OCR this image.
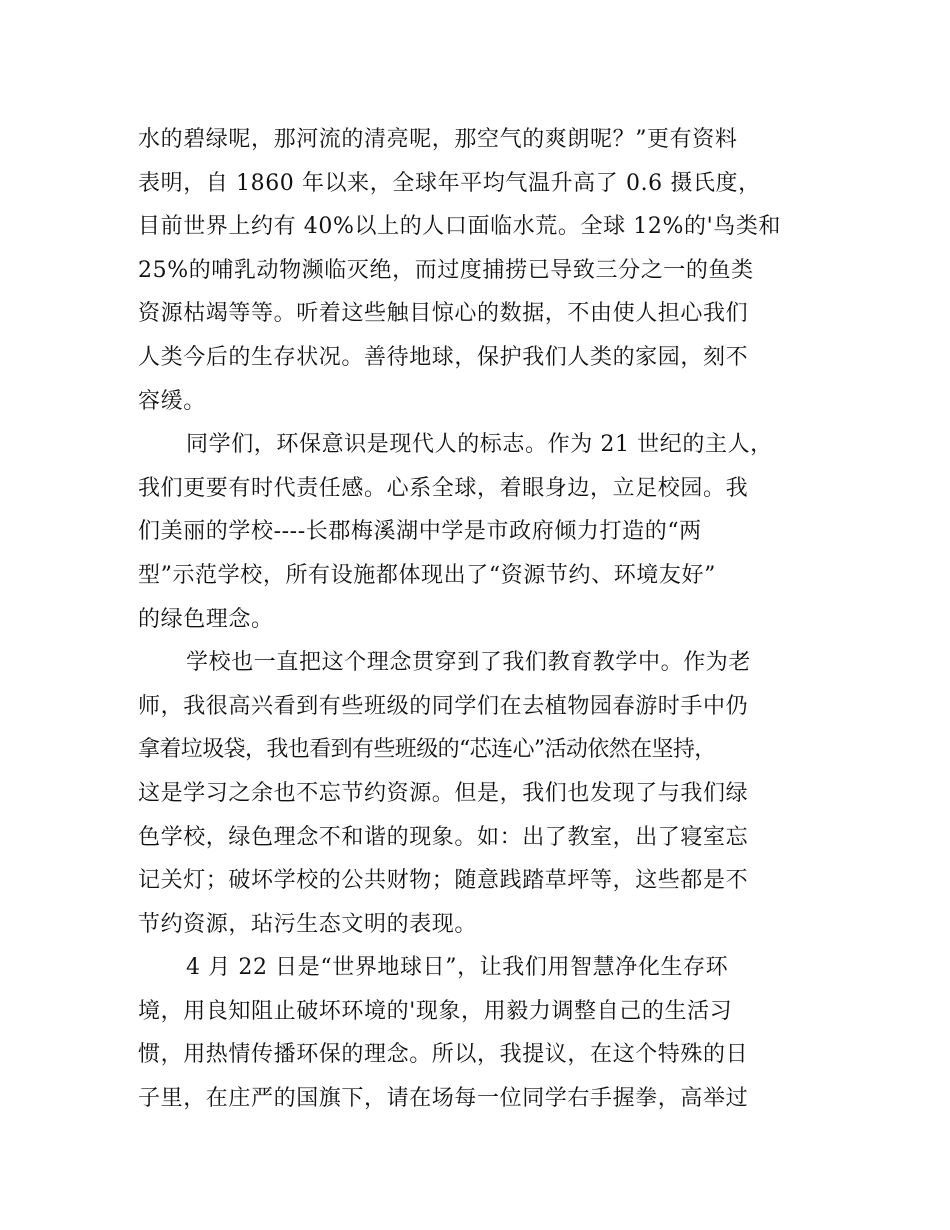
水的碧绿呢，那河流的清亮呢，那空气的爽朗呢？”更有资料
表明，自 1860 年以来，全球年平均气温升高了 0.6 摄氏度，
目前世界上约有 40%以上的人口面临水荒。全球 12%的'鸟类和
25%的哺乳动物濒临灭绝，而过度捕捞已导致三分之一的鱼类
资源枯竭等等。听着这些触目惊心的数据，不由使人担心我们
人类今后的生存状况。善待地球，保护我们人类的家园，刻不
容缓。
同学们，环保意识是现代人的标志。作为 21 世纪的主人，
我们更要有时代责任感。心系全球，着眼身边，立足校园。我
们美丽的学校----长郡梅溪湖中学是市政府倾力打造的“两
型”示范学校，所有设施都体现出了“资源节约、环境友好”
的绿色理念。
学校也一直把这个理念贯穿到了我们教育教学中。作为老
师，我很高兴看到有些班级的同学们在去植物园春游时手中仍
拿着垃圾袋，我也看到有些班级的“芯连心”活动依然在坚持，
这是学习之余也不忘节约资源。但是，我们也发现了与我们绿
色学校，绿色理念不和谐的现象。如：出了教室，出了寝室忘
记关灯；破坏学校的公共财物；随意践踏草坪等，这些都是不
节约资源，玷污生态文明的表现。
4 月 22 日是“世界地球日”，让我们用智慧净化生存环
境，用良知阻止破坏环境的'现象，用毅力调整自己的生活习
惯，用热情传播环保的理念。所以，我提议，在这个特殊的日
子里，在庄严的国旗下，请在场每一位同学右手握拳，高举过
